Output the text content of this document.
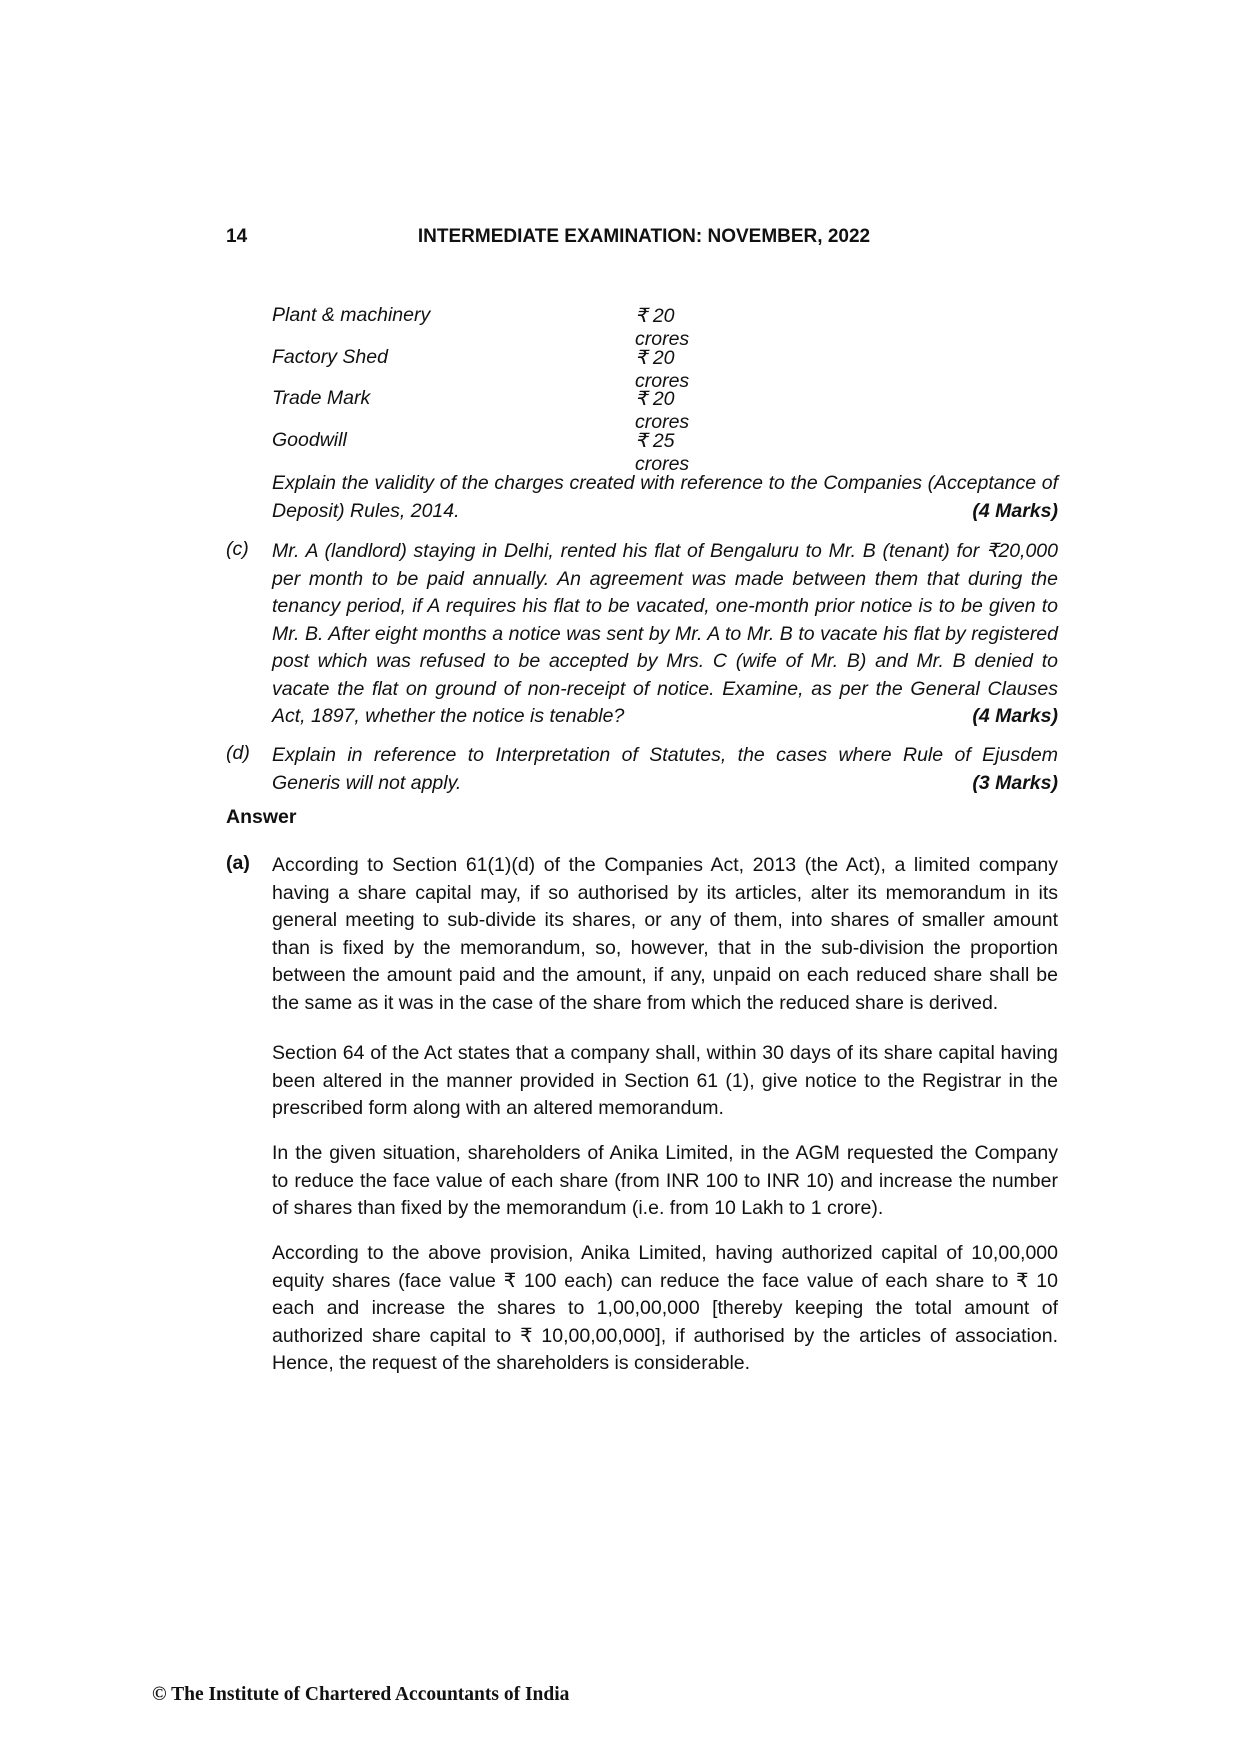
14	INTERMEDIATE EXAMINATION: NOVEMBER, 2022
Plant & machinery	₹ 20 crores
Factory Shed	₹ 20 crores
Trade Mark	₹ 20 crores
Goodwill	₹ 25 crores
Explain the validity of the charges created with reference to the Companies (Acceptance of Deposit) Rules, 2014.	(4 Marks)
(c) Mr. A (landlord) staying in Delhi, rented his flat of Bengaluru to Mr. B (tenant) for ₹20,000 per month to be paid annually. An agreement was made between them that during the tenancy period, if A requires his flat to be vacated, one-month prior notice is to be given to Mr. B. After eight months a notice was sent by Mr. A to Mr. B to vacate his flat by registered post which was refused to be accepted by Mrs. C (wife of Mr. B) and Mr. B denied to vacate the flat on ground of non-receipt of notice. Examine, as per the General Clauses Act, 1897, whether the notice is tenable?	(4 Marks)
(d) Explain in reference to Interpretation of Statutes, the cases where Rule of Ejusdem Generis will not apply.	(3 Marks)
Answer
(a) According to Section 61(1)(d) of the Companies Act, 2013 (the Act), a limited company having a share capital may, if so authorised by its articles, alter its memorandum in its general meeting to sub-divide its shares, or any of them, into shares of smaller amount than is fixed by the memorandum, so, however, that in the sub-division the proportion between the amount paid and the amount, if any, unpaid on each reduced share shall be the same as it was in the case of the share from which the reduced share is derived.
Section 64 of the Act states that a company shall, within 30 days of its share capital having been altered in the manner provided in Section 61 (1), give notice to the Registrar in the prescribed form along with an altered memorandum.
In the given situation, shareholders of Anika Limited, in the AGM requested the Company to reduce the face value of each share (from INR 100 to INR 10) and increase the number of shares than fixed by the memorandum (i.e. from 10 Lakh to 1 crore).
According to the above provision, Anika Limited, having authorized capital of 10,00,000 equity shares (face value ₹ 100 each) can reduce the face value of each share to ₹ 10 each and increase the shares to 1,00,00,000 [thereby keeping the total amount of authorized share capital to ₹ 10,00,00,000], if authorised by the articles of association. Hence, the request of the shareholders is considerable.
© The Institute of Chartered Accountants of India
